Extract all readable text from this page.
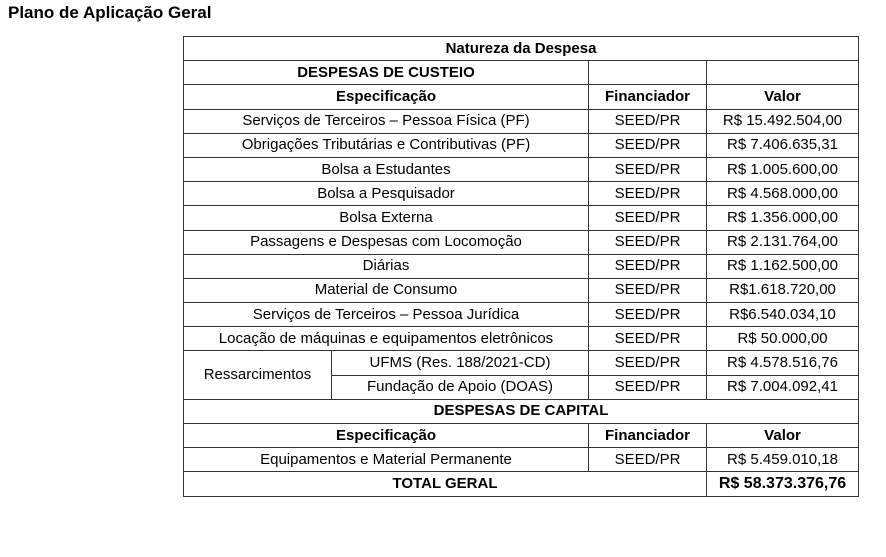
Plano de Aplicação Geral
Natureza da Despesa			
DESPESAS DE CUSTEIO			
Especificação		Financiador	Valor
Serviços de Terceiros – Pessoa Física (PF)		SEED/PR	R$ 15.492.504,00
Obrigações Tributárias e Contributivas (PF)		SEED/PR	R$ 7.406.635,31
Bolsa a Estudantes		SEED/PR	R$ 1.005.600,00
Bolsa a Pesquisador		SEED/PR	R$ 4.568.000,00
Bolsa Externa		SEED/PR	R$ 1.356.000,00
Passagens e Despesas com Locomoção		SEED/PR	R$ 2.131.764,00
Diárias		SEED/PR	R$ 1.162.500,00
Material de Consumo		SEED/PR	R$1.618.720,00
Serviços de Terceiros – Pessoa Jurídica		SEED/PR	R$6.540.034,10
Locação de máquinas e equipamentos eletrônicos		SEED/PR	R$ 50.000,00
Ressarcimentos	UFMS (Res. 188/2021-CD)	SEED/PR	R$ 4.578.516,76
	Fundação de Apoio (DOAS)	SEED/PR	R$ 7.004.092,41
DESPESAS DE CAPITAL			
Especificação		Financiador	Valor
Equipamentos e Material Permanente		SEED/PR	R$ 5.459.010,18
TOTAL GERAL			R$ 58.373.376,76
